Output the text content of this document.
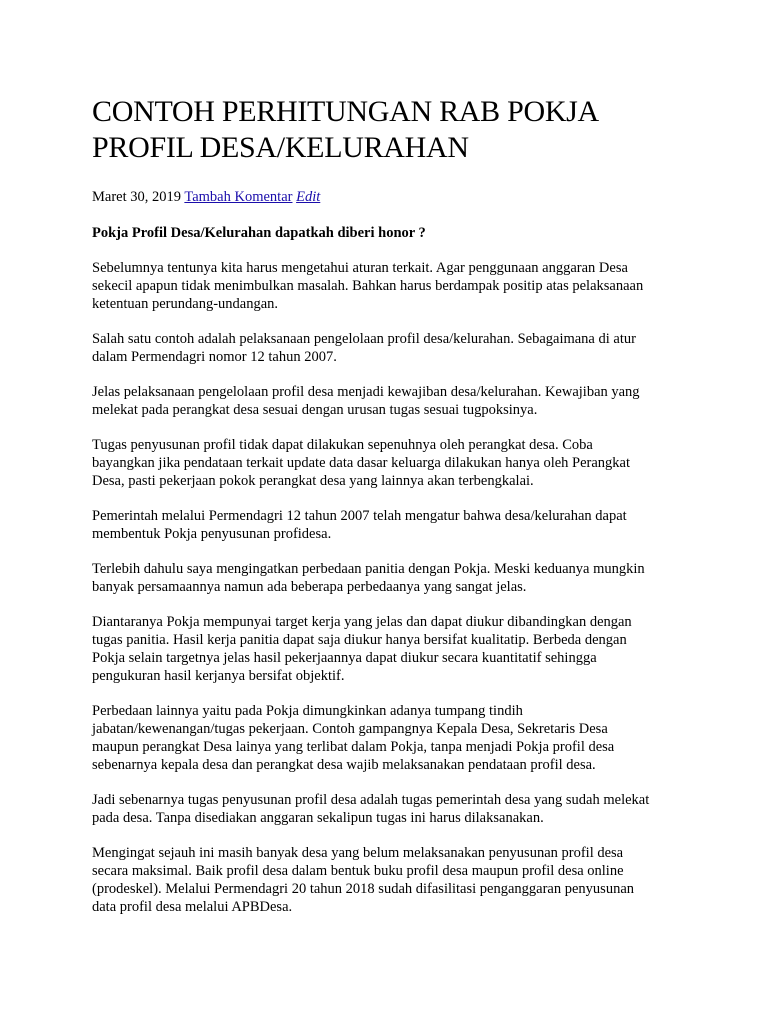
CONTOH PERHITUNGAN RAB POKJA
PROFIL DESA/KELURAHAN
Maret 30, 2019 Tambah Komentar Edit
Pokja Profil Desa/Kelurahan dapatkah diberi honor ?
Sebelumnya tentunya kita harus mengetahui aturan terkait. Agar penggunaan anggaran Desa
sekecil apapun tidak menimbulkan masalah. Bahkan harus berdampak positip atas pelaksanaan
ketentuan perundang-undangan.
Salah satu contoh adalah pelaksanaan pengelolaan profil desa/kelurahan. Sebagaimana di atur
dalam Permendagri nomor 12 tahun 2007.
Jelas pelaksanaan pengelolaan profil desa menjadi kewajiban desa/kelurahan. Kewajiban yang
melekat pada perangkat desa sesuai dengan urusan tugas sesuai tugpoksinya.
Tugas penyusunan profil tidak dapat dilakukan sepenuhnya oleh perangkat desa. Coba
bayangkan jika pendataan terkait update data dasar keluarga dilakukan hanya oleh Perangkat
Desa, pasti pekerjaan pokok perangkat desa yang lainnya akan terbengkalai.
Pemerintah melalui Permendagri 12 tahun 2007 telah mengatur bahwa desa/kelurahan dapat
membentuk Pokja penyusunan profidesa.
Terlebih dahulu saya mengingatkan perbedaan panitia dengan Pokja. Meski keduanya mungkin
banyak persamaannya namun ada beberapa perbedaanya yang sangat jelas.
Diantaranya Pokja mempunyai target kerja yang jelas dan dapat diukur dibandingkan dengan
tugas panitia. Hasil kerja panitia dapat saja diukur hanya bersifat kualitatip. Berbeda dengan
Pokja selain targetnya jelas hasil pekerjaannya dapat diukur secara kuantitatif sehingga
pengukuran hasil kerjanya bersifat objektif.
Perbedaan lainnya yaitu pada Pokja dimungkinkan adanya tumpang tindih
jabatan/kewenangan/tugas pekerjaan. Contoh gampangnya Kepala Desa, Sekretaris Desa
maupun perangkat Desa lainya yang terlibat dalam Pokja, tanpa menjadi Pokja profil desa
sebenarnya kepala desa dan perangkat desa wajib melaksanakan pendataan profil desa.
Jadi sebenarnya tugas penyusunan profil desa adalah tugas pemerintah desa yang sudah melekat
pada desa. Tanpa disediakan anggaran sekalipun tugas ini harus dilaksanakan.
Mengingat sejauh ini masih banyak desa yang belum melaksanakan penyusunan profil desa
secara maksimal. Baik profil desa dalam bentuk buku profil desa maupun profil desa online
(prodeskel). Melalui Permendagri 20 tahun 2018 sudah difasilitasi penganggaran penyusunan
data profil desa melalui APBDesa.
